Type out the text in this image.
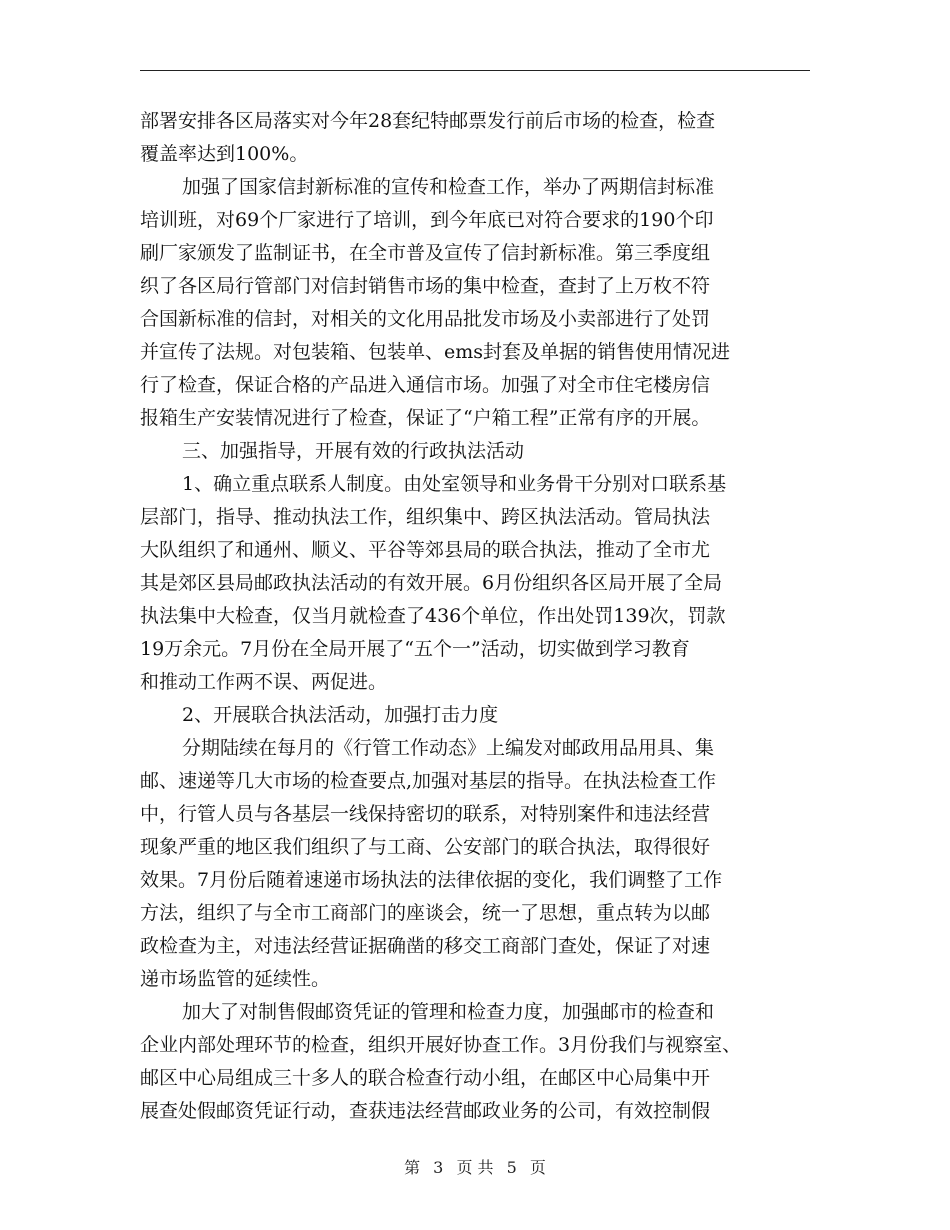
部署安排各区局落实对今年28套纪特邮票发行前后市场的检查，检查
覆盖率达到100%。
加强了国家信封新标准的宣传和检查工作，举办了两期信封标准
培训班，对69个厂家进行了培训，到今年底已对符合要求的190个印
刷厂家颁发了监制证书，在全市普及宣传了信封新标准。第三季度组
织了各区局行管部门对信封销售市场的集中检查，查封了上万枚不符
合国新标准的信封，对相关的文化用品批发市场及小卖部进行了处罚
并宣传了法规。对包装箱、包装单、ems封套及单据的销售使用情况进
行了检查，保证合格的产品进入通信市场。加强了对全市住宅楼房信
报箱生产安装情况进行了检查，保证了“户箱工程”正常有序的开展。
三、加强指导，开展有效的行政执法活动
1、确立重点联系人制度。由处室领导和业务骨干分别对口联系基
层部门，指导、推动执法工作，组织集中、跨区执法活动。管局执法
大队组织了和通州、顺义、平谷等郊县局的联合执法，推动了全市尤
其是郊区县局邮政执法活动的有效开展。6月份组织各区局开展了全局
执法集中大检查，仅当月就检查了436个单位，作出处罚139次，罚款
19万余元。7月份在全局开展了“五个一”活动，切实做到学习教育
和推动工作两不误、两促进。
2、开展联合执法活动，加强打击力度
分期陆续在每月的《行管工作动态》上编发对邮政用品用具、集
邮、速递等几大市场的检查要点,加强对基层的指导。在执法检查工作
中，行管人员与各基层一线保持密切的联系，对特别案件和违法经营
现象严重的地区我们组织了与工商、公安部门的联合执法，取得很好
效果。7月份后随着速递市场执法的法律依据的变化，我们调整了工作
方法，组织了与全市工商部门的座谈会，统一了思想，重点转为以邮
政检查为主，对违法经营证据确凿的移交工商部门查处，保证了对速
递市场监管的延续性。
加大了对制售假邮资凭证的管理和检查力度，加强邮市的检查和
企业内部处理环节的检查，组织开展好协查工作。3月份我们与视察室、
邮区中心局组成三十多人的联合检查行动小组，在邮区中心局集中开
展查处假邮资凭证行动，查获违法经营邮政业务的公司，有效控制假
第 3 页 共 5 页
